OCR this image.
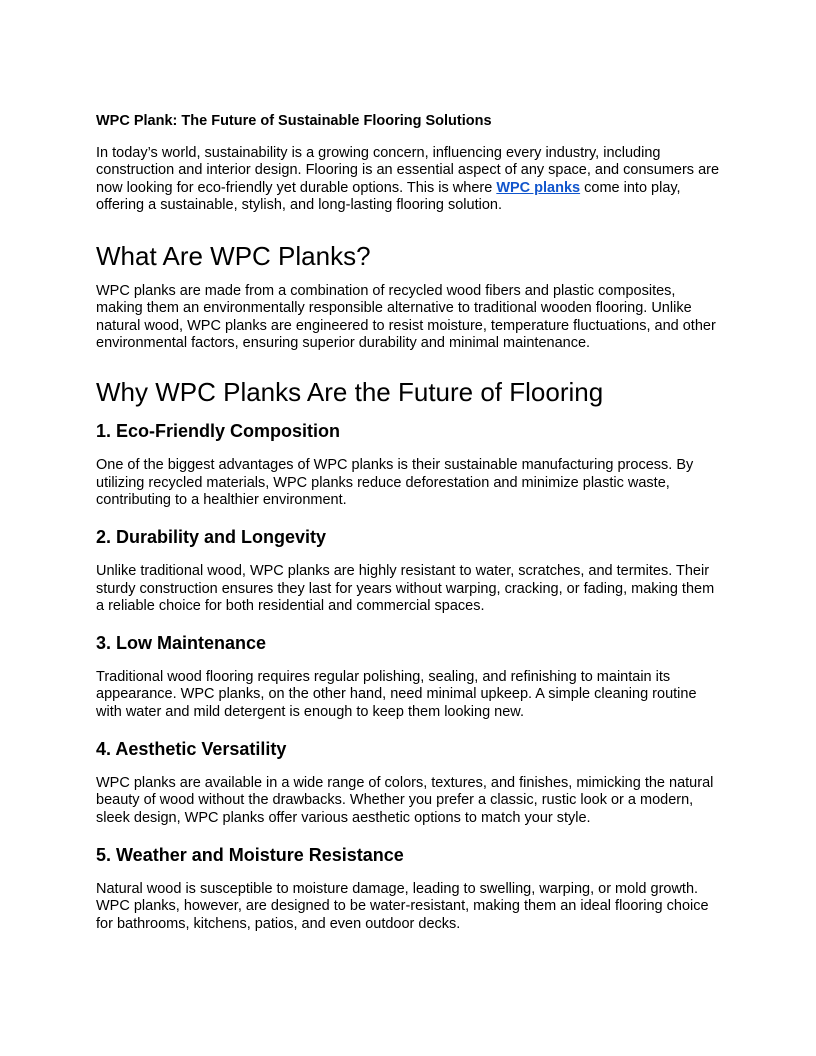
WPC Plank: The Future of Sustainable Flooring Solutions

In today’s world, sustainability is a growing concern, influencing every industry, including construction and interior design. Flooring is an essential aspect of any space, and consumers are now looking for eco-friendly yet durable options. This is where WPC planks come into play, offering a sustainable, stylish, and long-lasting flooring solution.

What Are WPC Planks?

WPC planks are made from a combination of recycled wood fibers and plastic composites, making them an environmentally responsible alternative to traditional wooden flooring. Unlike natural wood, WPC planks are engineered to resist moisture, temperature fluctuations, and other environmental factors, ensuring superior durability and minimal maintenance.

Why WPC Planks Are the Future of Flooring
1. Eco-Friendly Composition

One of the biggest advantages of WPC planks is their sustainable manufacturing process. By utilizing recycled materials, WPC planks reduce deforestation and minimize plastic waste, contributing to a healthier environment.

2. Durability and Longevity

Unlike traditional wood, WPC planks are highly resistant to water, scratches, and termites. Their sturdy construction ensures they last for years without warping, cracking, or fading, making them a reliable choice for both residential and commercial spaces.

3. Low Maintenance

Traditional wood flooring requires regular polishing, sealing, and refinishing to maintain its appearance. WPC planks, on the other hand, need minimal upkeep. A simple cleaning routine with water and mild detergent is enough to keep them looking new.

4. Aesthetic Versatility

WPC planks are available in a wide range of colors, textures, and finishes, mimicking the natural beauty of wood without the drawbacks. Whether you prefer a classic, rustic look or a modern, sleek design, WPC planks offer various aesthetic options to match your style.

5. Weather and Moisture Resistance

Natural wood is susceptible to moisture damage, leading to swelling, warping, or mold growth. WPC planks, however, are designed to be water-resistant, making them an ideal flooring choice for bathrooms, kitchens, patios, and even outdoor decks.
